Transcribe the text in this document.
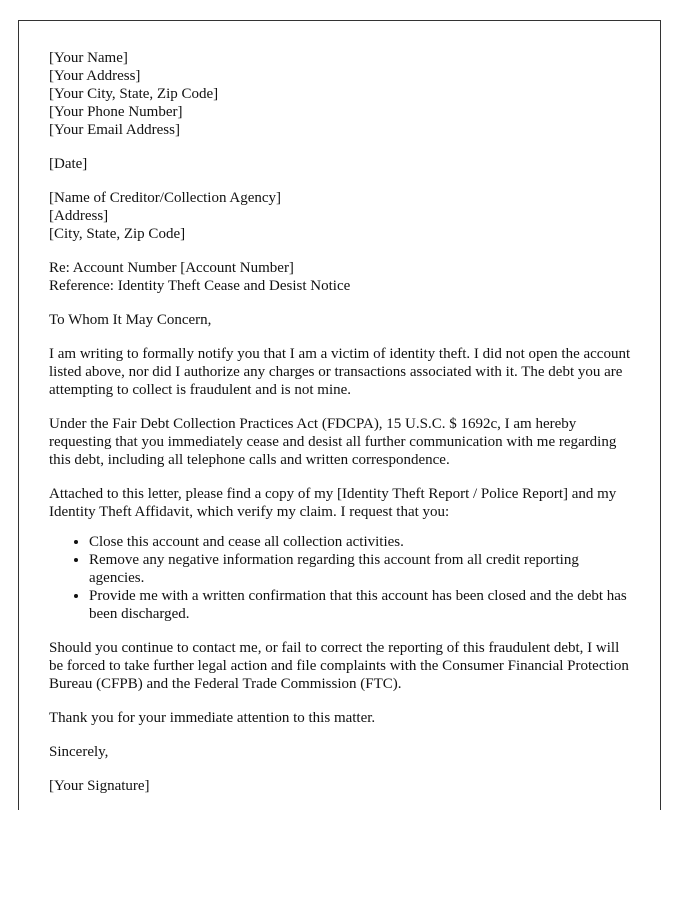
[Your Name]
[Your Address]
[Your City, State, Zip Code]
[Your Phone Number]
[Your Email Address]
[Date]
[Name of Creditor/Collection Agency]
[Address]
[City, State, Zip Code]
Re: Account Number [Account Number]
Reference: Identity Theft Cease and Desist Notice

To Whom It May Concern,

I am writing to formally notify you that I am a victim of identity theft. I did not open the account listed above, nor did I authorize any charges or transactions associated with it. The debt you are attempting to collect is fraudulent and is not mine.

Under the Fair Debt Collection Practices Act (FDCPA), 15 U.S.C. $ 1692c, I am hereby requesting that you immediately cease and desist all further communication with me regarding this debt, including all telephone calls and written correspondence.

Attached to this letter, please find a copy of my [Identity Theft Report / Police Report] and my Identity Theft Affidavit, which verify my claim. I request that you:

• Close this account and cease all collection activities.
• Remove any negative information regarding this account from all credit reporting agencies.
• Provide me with a written confirmation that this account has been closed and the debt has been discharged.

Should you continue to contact me, or fail to correct the reporting of this fraudulent debt, I will be forced to take further legal action and file complaints with the Consumer Financial Protection Bureau (CFPB) and the Federal Trade Commission (FTC).

Thank you for your immediate attention to this matter.

Sincerely,

[Your Signature]
